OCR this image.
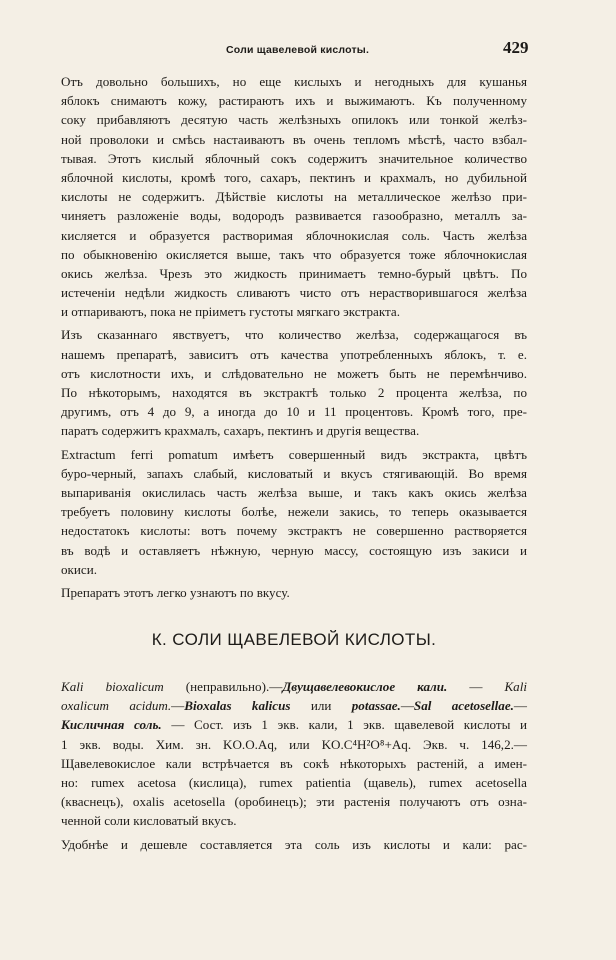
Соли щавелевой кислоты.	429
Отъ довольно большихъ, но еще кислыхъ и негодныхъ для кушанья
яблокъ снимаютъ кожу, растираютъ ихъ и выжимаютъ. Къ полученному
соку прибавляютъ десятую часть желѣзныхъ опилокъ или тонкой желѣз-
ной проволоки и смѣсь настаиваютъ въ очень тепломъ мѣстѣ, часто взбал-
тывая. Этотъ кислый яблочный сокъ содержитъ значительное количество
яблочной кислоты, кромѣ того, сахаръ, пектинъ и крахмалъ, но дубильной
кислоты не содержитъ. Дѣйствіе кислоты на металлическое желѣзо при-
чиняетъ разложеніе воды, водородъ развивается газообразно, металлъ за-
кисляется и образуется растворимая яблочнокислая соль. Часть желѣза
по обыкновенію окисляется выше, такъ что образуется тоже яблочнокислая
окись желѣза. Чрезъ это жидкость принимаетъ темно-бурый цвѣтъ. По
истеченіи недѣли жидкость сливаютъ чисто отъ нерастворившагося желѣза
и отпариваютъ, пока не пріиметъ густоты мягкаго экстракта.
Изъ сказаннаго явствуетъ, что количество желѣза, содержащагося въ
нашемъ препаратѣ, зависитъ отъ качества употребленныхъ яблокъ, т. е.
отъ кислотности ихъ, и слѣдовательно не можетъ быть не перемѣнчиво.
По нѣкоторымъ, находятся въ экстрактѣ только 2 процента желѣза, по
другимъ, отъ 4 до 9, а иногда до 10 и 11 процентовъ. Кромѣ того, пре-
паратъ содержитъ крахмалъ, сахаръ, пектинъ и другія вещества.
Extractum ferri pomatum имѣетъ совершенный видъ экстракта, цвѣтъ
буро-черный, запахъ слабый, кисловатый и вкусъ стягивающій. Во время
выпариванія окислилась часть желѣза выше, и такъ какъ окись желѣза
требуетъ половину кислоты болѣе, нежели закись, то теперь оказывается
недостатокъ кислоты: вотъ почему экстрактъ не совершенно растворяется
въ водѣ и оставляетъ нѣжную, черную массу, состоящую изъ закиси и
окиси.
Препаратъ этотъ легко узнаютъ по вкусу.
К. СОЛИ ЩАВЕЛЕВОЙ КИСЛОТЫ.
Kali bioxalicum (неправильно).—Двущавелевокислое кали. — Kali
oxalicum acidum.—Bioxalas kalicus или potassae.—Sal acetosellae.—
Кисличная соль. — Сост. изъ 1 экв. кали, 1 экв. щавелевой кислоты и
1 экв. воды. Хим. зн. KO.O.Aq, или KO.C⁴H²O⁸+Aq. Экв. ч. 146,2.—
Щавелевокислое кали встрѣчается въ сокѣ нѣкоторыхъ растеній, а имен-
но: rumex acetosa (кислица), rumex patientia (щавель), rumex acetosella
(кваснецъ), oxalis acetosella (оробинецъ); эти растенія получаютъ отъ озна-
ченной соли кисловатый вкусъ.
Удобнѣе и дешевле составляется эта соль изъ кислоты и кали: рас-
